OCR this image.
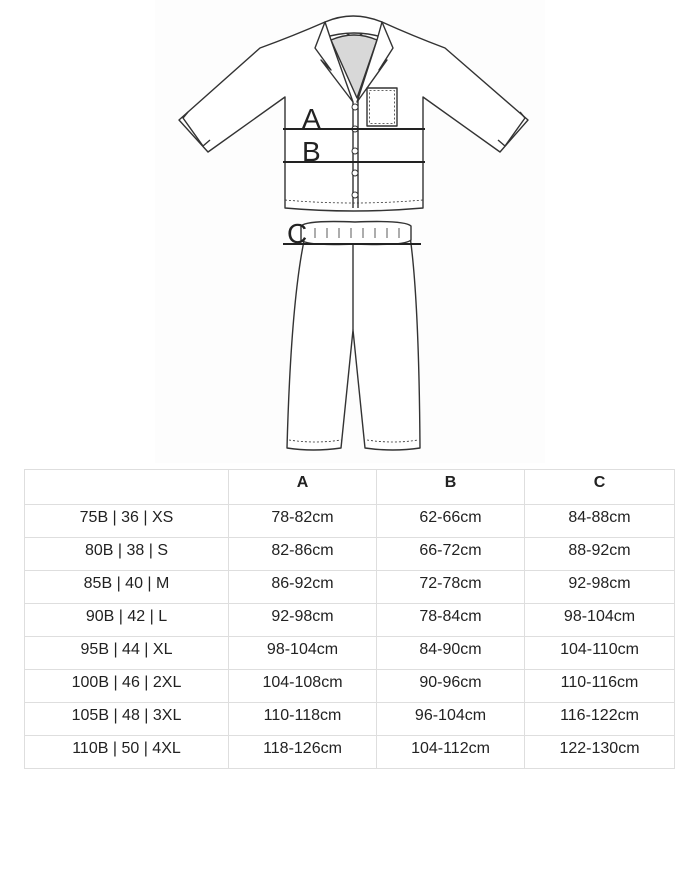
A
B
C
	A	B	C
75B | 36 | XS	78-82cm	62-66cm	84-88cm
80B | 38 | S	82-86cm	66-72cm	88-92cm
85B | 40 | M	86-92cm	72-78cm	92-98cm
90B | 42 | L	92-98cm	78-84cm	98-104cm
95B | 44 | XL	98-104cm	84-90cm	104-110cm
100B | 46 | 2XL	104-108cm	90-96cm	110-116cm
105B | 48 | 3XL	110-118cm	96-104cm	116-122cm
110B | 50 | 4XL	118-126cm	104-112cm	122-130cm
